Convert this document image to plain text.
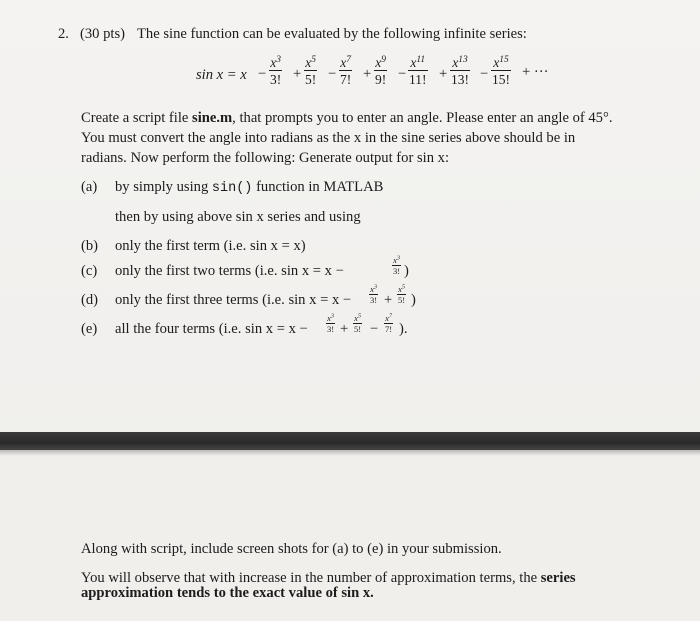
2. (30 pts) The sine function can be evaluated by the following infinite series:
$\sin x = x - \frac{x^3}{3!} + \frac{x^5}{5!} - \frac{x^7}{7!} + \frac{x^9}{9!} - \frac{x^{11}}{11!} + \frac{x^{13}}{13!} - \frac{x^{15}}{15!}$ + ···
Create a script file sine.m, that prompts you to enter an angle. Please enter an angle of 45°.
You must convert the angle into radians as the x in the sine series above should be in
radians. Now perform the following: Generate output for sin x:
(a) by simply using sin() function in MATLAB
then by using above sin x series and using
(b) only the first term (i.e. sin x = x)
(c) only the first two terms (i.e. sin x = x −	$\frac{x^3}{3!}$ )
(d) only the first three terms (i.e. $\sin x = x - \frac{x^3}{3!} + \frac{x^5}{5!}$ )
(e) all the four terms (i.e. $\sin x = x - \frac{x^3}{3!} + \frac{x^5}{5!} - \frac{x^7}{7!}$ ).
Along with script, include screen shots for (a) to (e) in your submission.
You will observe that with increase in the number of approximation terms, the series
approximation tends to the exact value of sin x.
